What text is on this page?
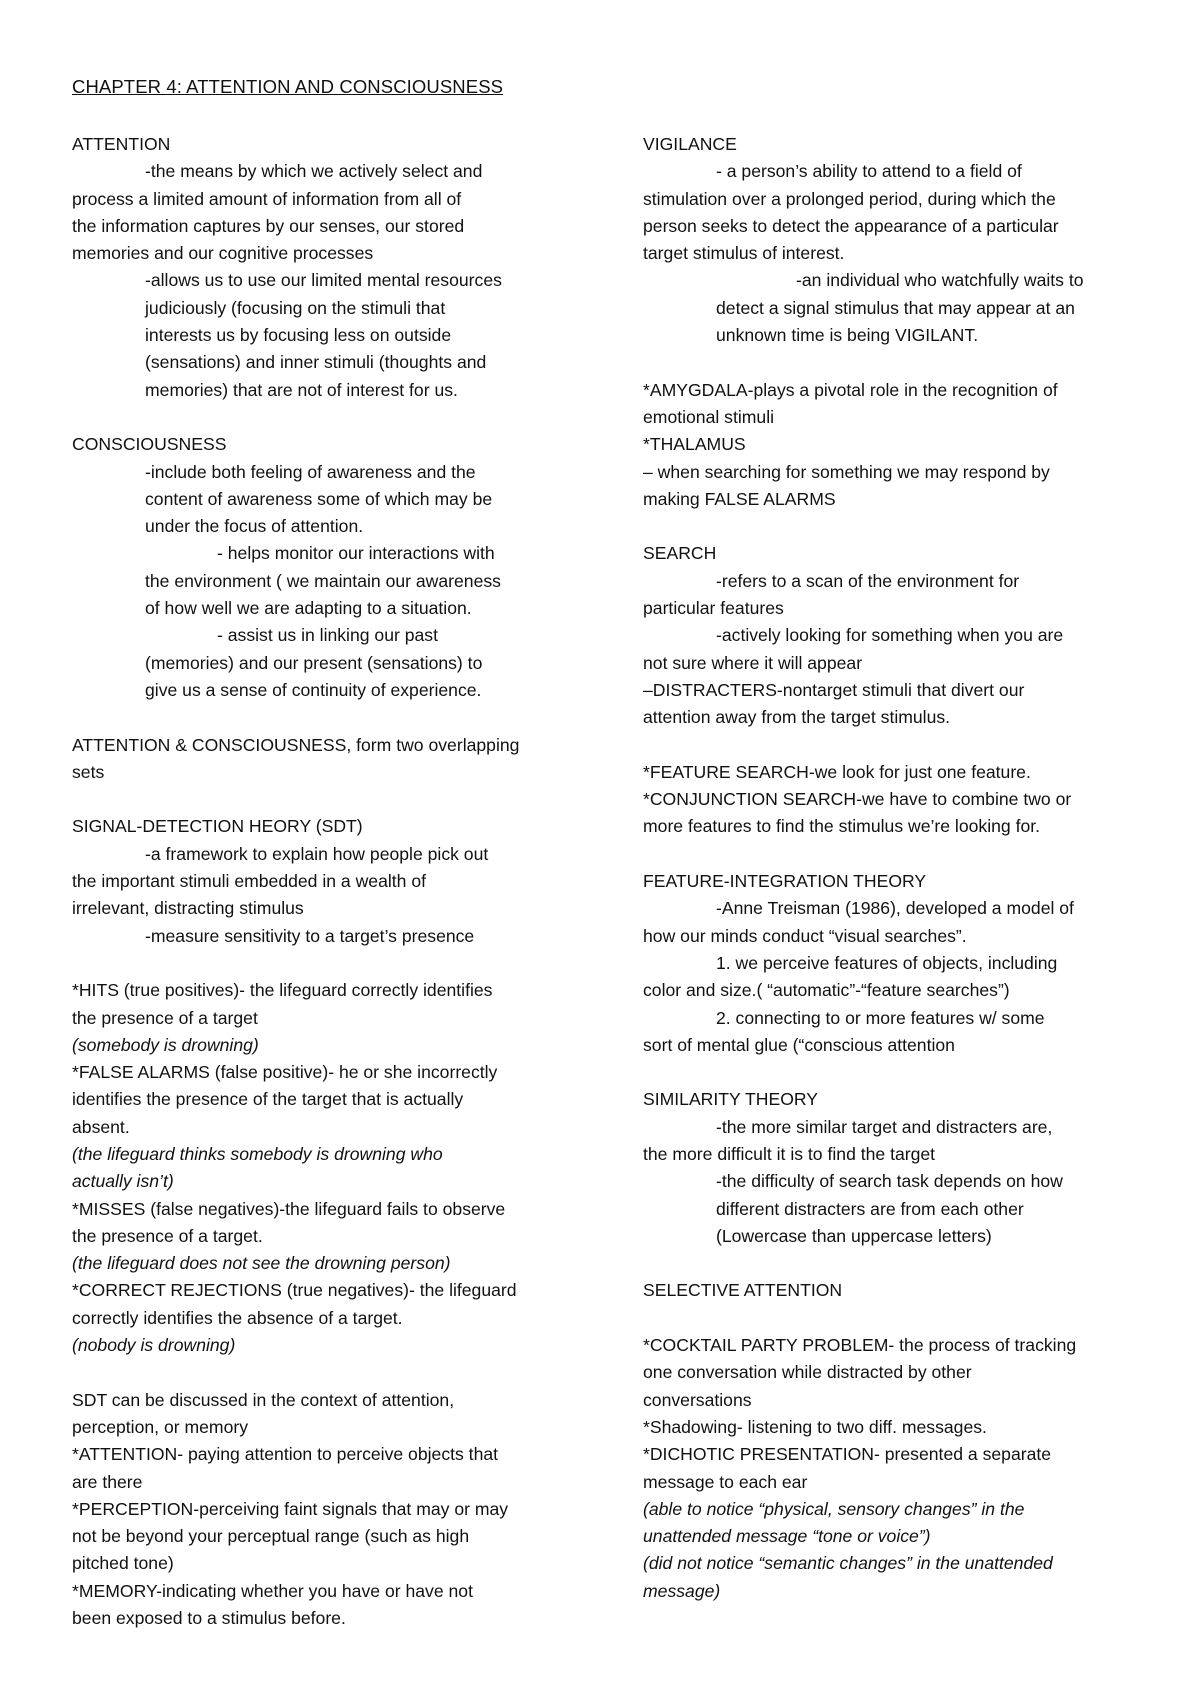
CHAPTER 4: ATTENTION AND CONSCIOUSNESS
ATTENTION
-the means by which we actively select and
process a limited amount of information from all of
the information captures by our senses, our stored
memories and our cognitive processes
-allows us to use our limited mental resources
judiciously (focusing on the stimuli that
interests us by focusing less on outside
(sensations) and inner stimuli (thoughts and
memories) that are not of interest for us.
CONSCIOUSNESS
-include both feeling of awareness and the
content of awareness some of which may be
under the focus of attention.
- helps monitor our interactions with
the environment ( we maintain our awareness
of how well we are adapting to a situation.
- assist us in linking our past
(memories) and our present (sensations) to
give us a sense of continuity of experience.
ATTENTION & CONSCIOUSNESS, form two overlapping
sets
SIGNAL-DETECTION HEORY (SDT)
-a framework to explain how people pick out
the important stimuli embedded in a wealth of
irrelevant, distracting stimulus
-measure sensitivity to a target’s presence
*HITS (true positives)- the lifeguard correctly identifies
the presence of a target
(somebody is drowning)
*FALSE ALARMS (false positive)- he or she incorrectly
identifies the presence of the target that is actually
absent.
(the lifeguard thinks somebody is drowning who
actually isn’t)
*MISSES (false negatives)-the lifeguard fails to observe
the presence of a target.
(the lifeguard does not see the drowning person)
*CORRECT REJECTIONS (true negatives)- the lifeguard
correctly identifies the absence of a target.
(nobody is drowning)
SDT can be discussed in the context of attention,
perception, or memory
*ATTENTION- paying attention to perceive objects that
are there
*PERCEPTION-perceiving faint signals that may or may
not be beyond your perceptual range (such as high
pitched tone)
*MEMORY-indicating whether you have or have not
been exposed to a stimulus before.
VIGILANCE
- a person’s ability to attend to a field of
stimulation over a prolonged period, during which the
person seeks to detect the appearance of a particular
target stimulus of interest.
-an individual who watchfully waits to
detect a signal stimulus that may appear at an
unknown time is being VIGILANT.
*AMYGDALA-plays a pivotal role in the recognition of
emotional stimuli
*THALAMUS
– when searching for something we may respond by
making FALSE ALARMS
SEARCH
-refers to a scan of the environment for
particular features
-actively looking for something when you are
not sure where it will appear
–DISTRACTERS-nontarget stimuli that divert our
attention away from the target stimulus.
*FEATURE SEARCH-we look for just one feature.
*CONJUNCTION SEARCH-we have to combine two or
more features to find the stimulus we’re looking for.
FEATURE-INTEGRATION THEORY
-Anne Treisman (1986), developed a model of
how our minds conduct “visual searches”.
1. we perceive features of objects, including
color and size.( “automatic”-“feature searches”)
2. connecting to or more features w/ some
sort of mental glue (“conscious attention
SIMILARITY THEORY
-the more similar target and distracters are,
the more difficult it is to find the target
-the difficulty of search task depends on how
different distracters are from each other
(Lowercase than uppercase letters)
SELECTIVE ATTENTION
*COCKTAIL PARTY PROBLEM- the process of tracking
one conversation while distracted by other
conversations
*Shadowing- listening to two diff. messages.
*DICHOTIC PRESENTATION- presented a separate
message to each ear
(able to notice “physical, sensory changes” in the
unattended message “tone or voice”)
(did not notice “semantic changes” in the unattended
message)
